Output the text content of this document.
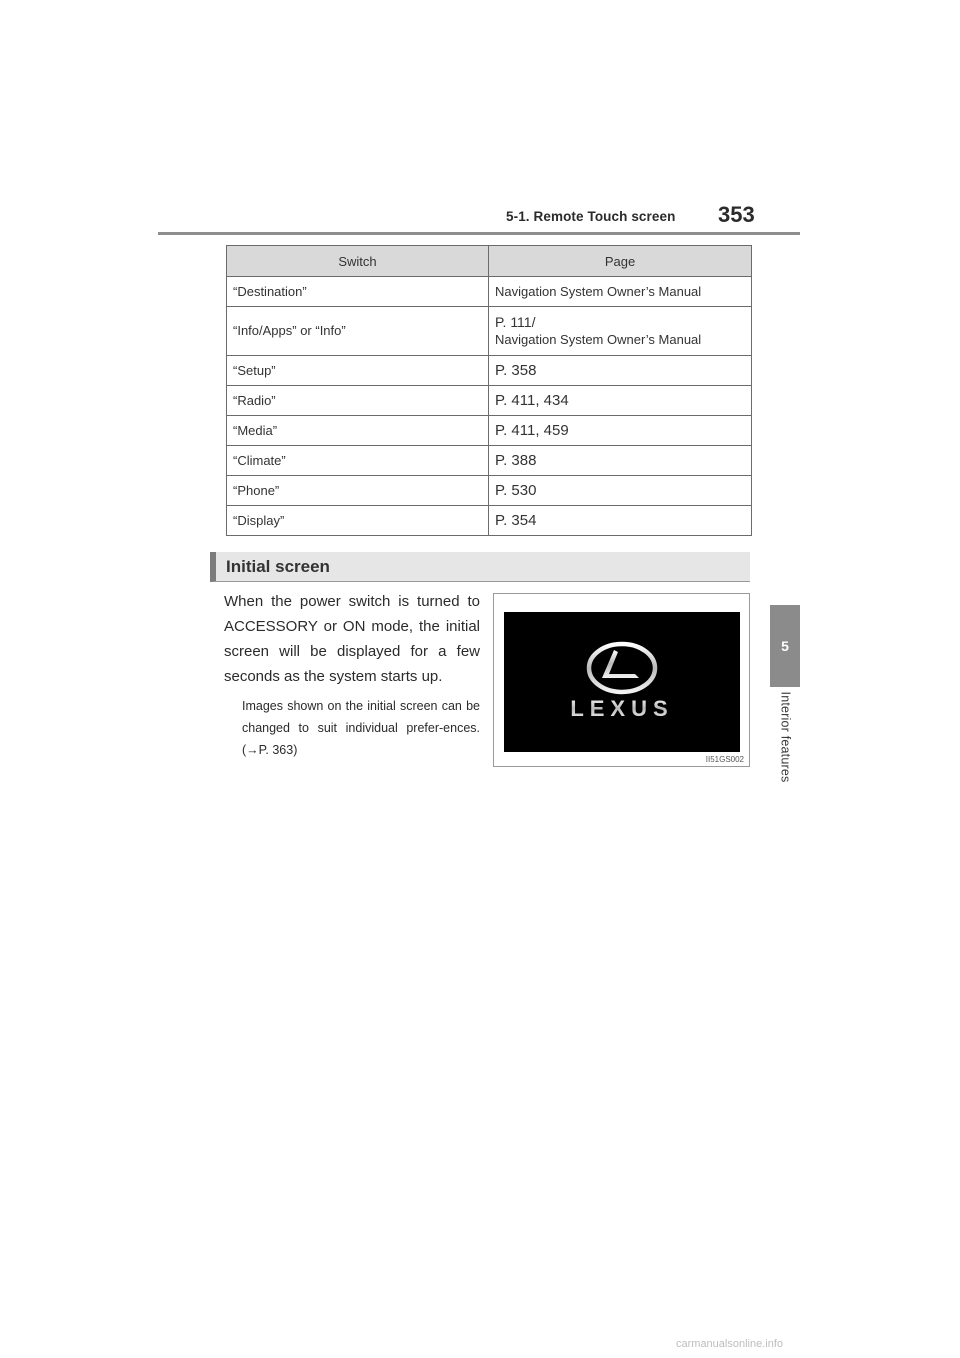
5-1. Remote Touch screen 353
5
Interior features
Switch	Page
“Destination”	Navigation System Owner’s Manual
“Info/Apps” or “Info”	P. 111/
Navigation System Owner’s Manual

“Setup”	P. 358
“Radio”	P. 411, 434
“Media”	P. 411, 459
“Climate”	P. 388
“Phone”	P. 530
“Display”	P. 354
Initial screen
When the power switch is turned to ACCESSORY or ON mode, the initial screen will be displayed for a few seconds as the system starts up.
Images shown on the initial screen can be changed to suit individual prefer-ences. (→P. 363)
LEXUS
II51GS002
carmanualsonline.info
